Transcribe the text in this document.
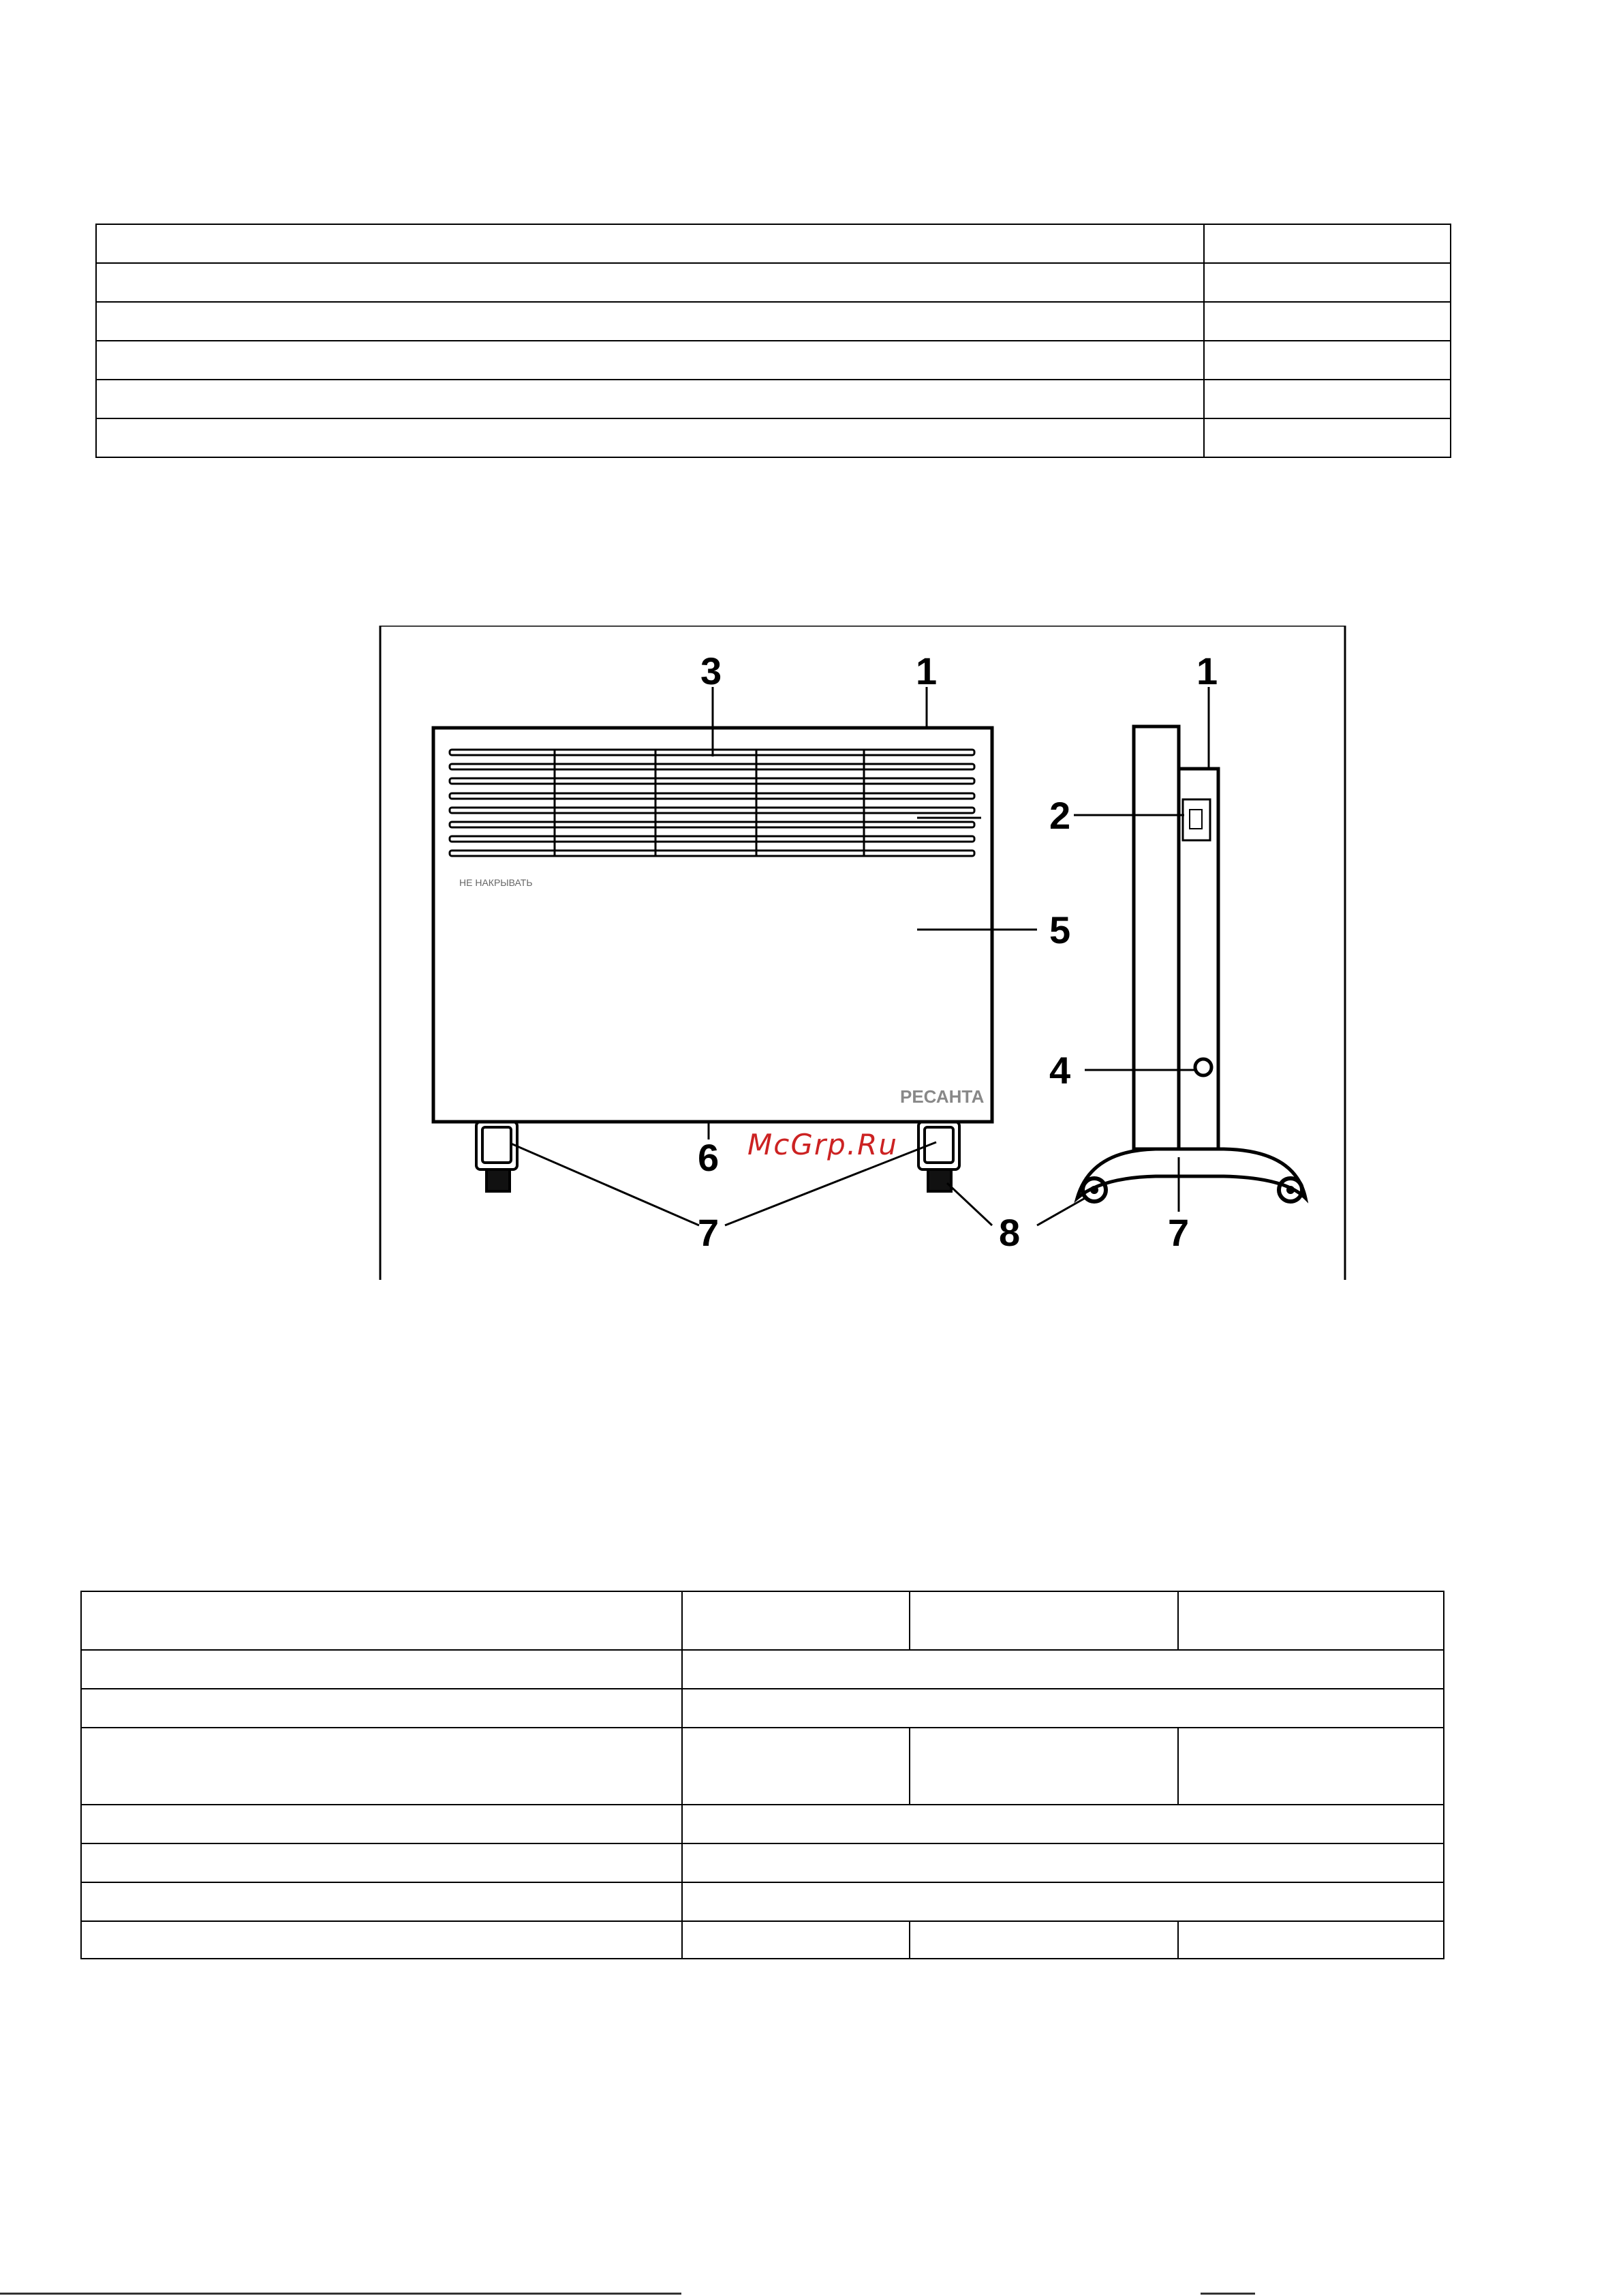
НЕ НАКРЫВАТЬ
РЕСАНТА
3	1	1
2
5
4
6
7	8	7
McGrp.Ru
